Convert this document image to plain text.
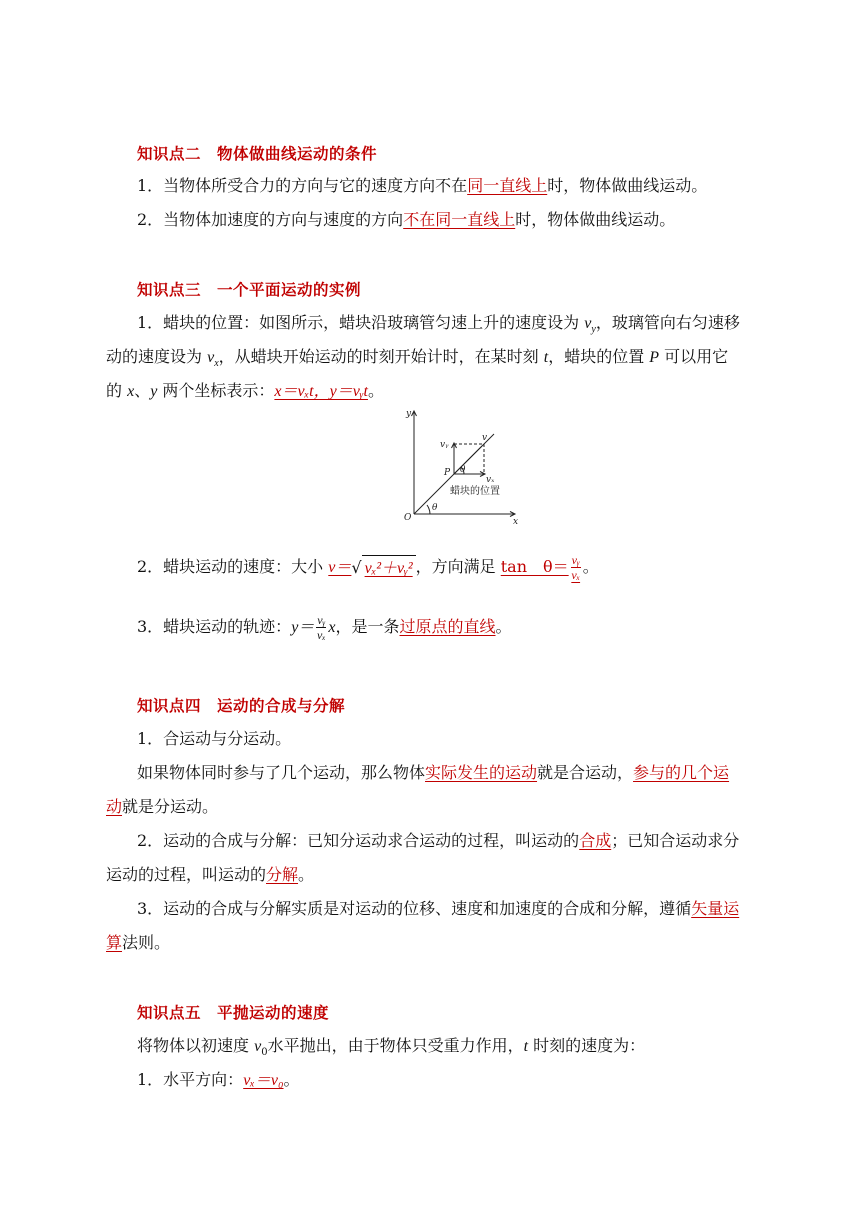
知识点二　物体做曲线运动的条件
1．当物体所受合力的方向与它的速度方向不在同一直线上时，物体做曲线运动。
2．当物体加速度的方向与速度的方向不在同一直线上时，物体做曲线运动。
知识点三　一个平面运动的实例
1．蜡块的位置：如图所示，蜡块沿玻璃管匀速上升的速度设为 $v_y$，玻璃管向右匀速移
动的速度设为 $v_x$，从蜡块开始运动的时刻开始计时，在某时刻 t，蜡块的位置 P 可以用它
的 x、y 两个坐标表示：x＝vₓt，y＝vᵧt。
y
x
O
vᵧ
v
P θ
vₓ
θ
蜡块的位置
2．蜡块运动的速度：大小 v＝√ vₓ²＋vᵧ² ，方向满足 tan　$\theta= \frac{\text{vᵧ}}{\text{vₓ}}$ 。
3．蜡块运动的轨迹：$y= \frac{\text{vᵧ}}{\text{vₓ}}$ x，是一条过原点的直线。
知识点四　运动的合成与分解
1．合运动与分运动。
如果物体同时参与了几个运动，那么物体实际发生的运动就是合运动，参与的几个运
动就是分运动。
2．运动的合成与分解：已知分运动求合运动的过程，叫运动的合成；已知合运动求分
运动的过程，叫运动的分解。
3．运动的合成与分解实质是对运动的位移、速度和加速度的合成和分解，遵循矢量运
算法则。
知识点五　平抛运动的速度
将物体以初速度 $v_0$水平抛出，由于物体只受重力作用，t 时刻的速度为：
1．水平方向：vₓ＝v₀。
